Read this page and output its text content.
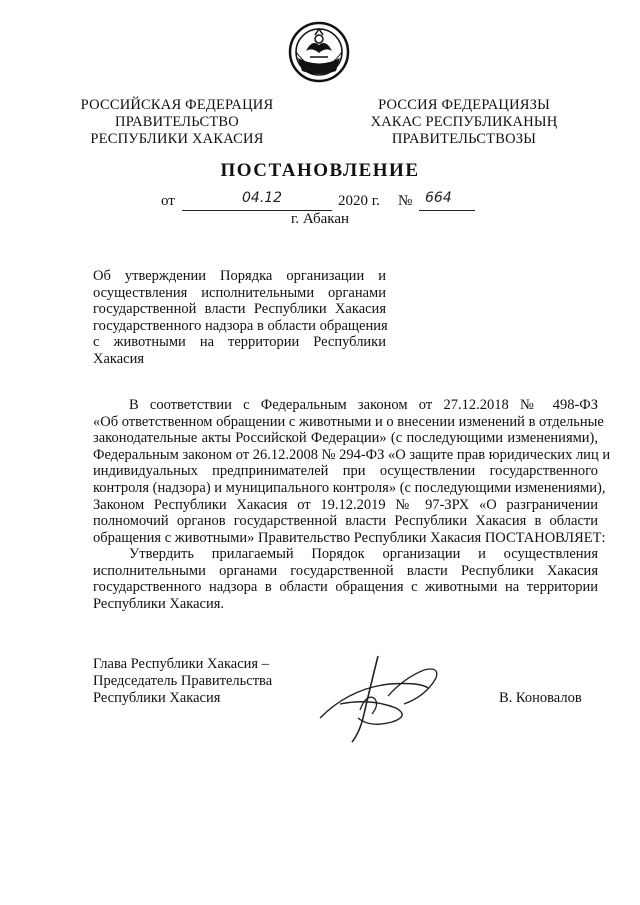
РОССИЙСКАЯ ФЕДЕРАЦИЯ
ПРАВИТЕЛЬСТВО
РЕСПУБЛИКИ ХАКАСИЯ
РОССИЯ ФЕДЕРАЦИЯЗЫ
ХАКАС РЕСПУБЛИКАНЫҢ
ПРАВИТЕЛЬСТВОЗЫ
ПОСТАНОВЛЕНИЕ
от	04.12	2020 г. № 664
г. Абакан
Об утверждении Порядка организации и
осуществления исполнительными органами
государственной власти Республики Хакасия
государственного надзора в области обращения
с животными на территории Республики
Хакасия
В соответствии с Федеральным законом от 27.12.2018 № 498-ФЗ
«Об ответственном обращении с животными и о внесении изменений в отдельные
законодательные акты Российской Федерации» (с последующими изменениями),
Федеральным законом от 26.12.2008 № 294-ФЗ «О защите прав юридических лиц и
индивидуальных предпринимателей при осуществлении государственного
контроля (надзора) и муниципального контроля» (с последующими изменениями),
Законом Республики Хакасия от 19.12.2019 № 97-ЗРХ «О разграничении
полномочий органов государственной власти Республики Хакасия в области
обращения с животными» Правительство Республики Хакасия ПОСТАНОВЛЯЕТ:
Утвердить прилагаемый Порядок организации и осуществления
исполнительными органами государственной власти Республики Хакасия
государственного надзора в области обращения с животными на территории
Республики Хакасия.
Глава Республики Хакасия –
Председатель Правительства
Республики Хакасия	В. Коновалов
